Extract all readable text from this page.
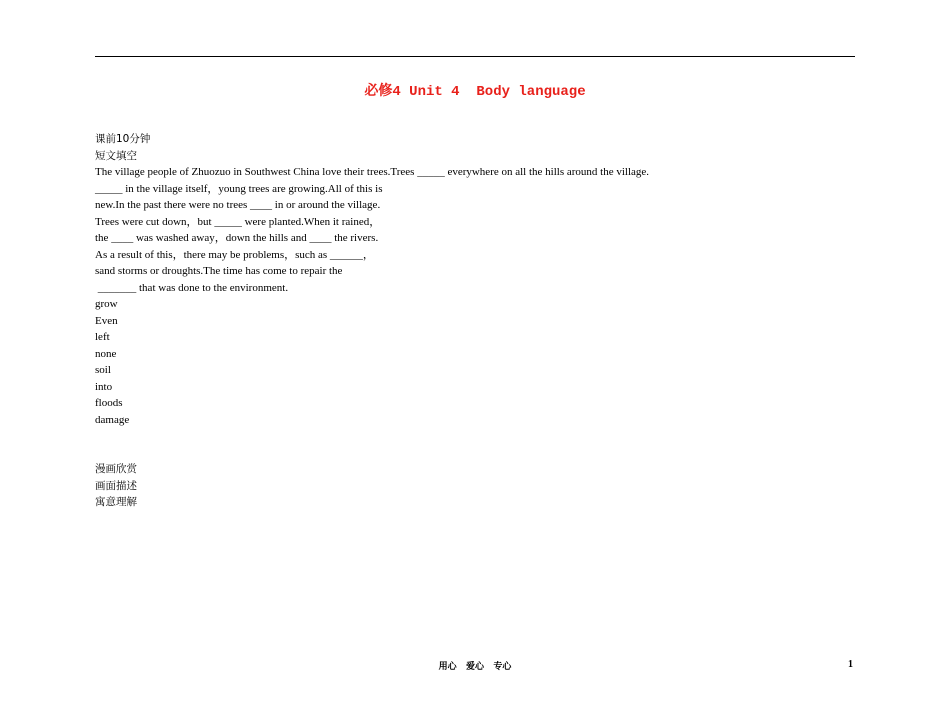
必修4 Unit 4  Body language
课前10分钟
短文填空
The village people of Zhuozuo in Southwest China love their trees.Trees _____ everywhere on all the hills around the village.
_____ in the village itself，young trees are growing.All of this is
new.In the past there were no trees ____ in or around the village.
Trees were cut down，but _____ were planted.When it rained，
the ____ was washed away，down the hills and ____ the rivers.
As a result of this，there may be problems，such as ______，
sand storms or droughts.The time has come to repair the
_______ that was done to the environment.
grow
Even
left
none
soil
into
floods
damage
漫画欣赏
画面描述
寓意理解
用心   爱心   专心	1
